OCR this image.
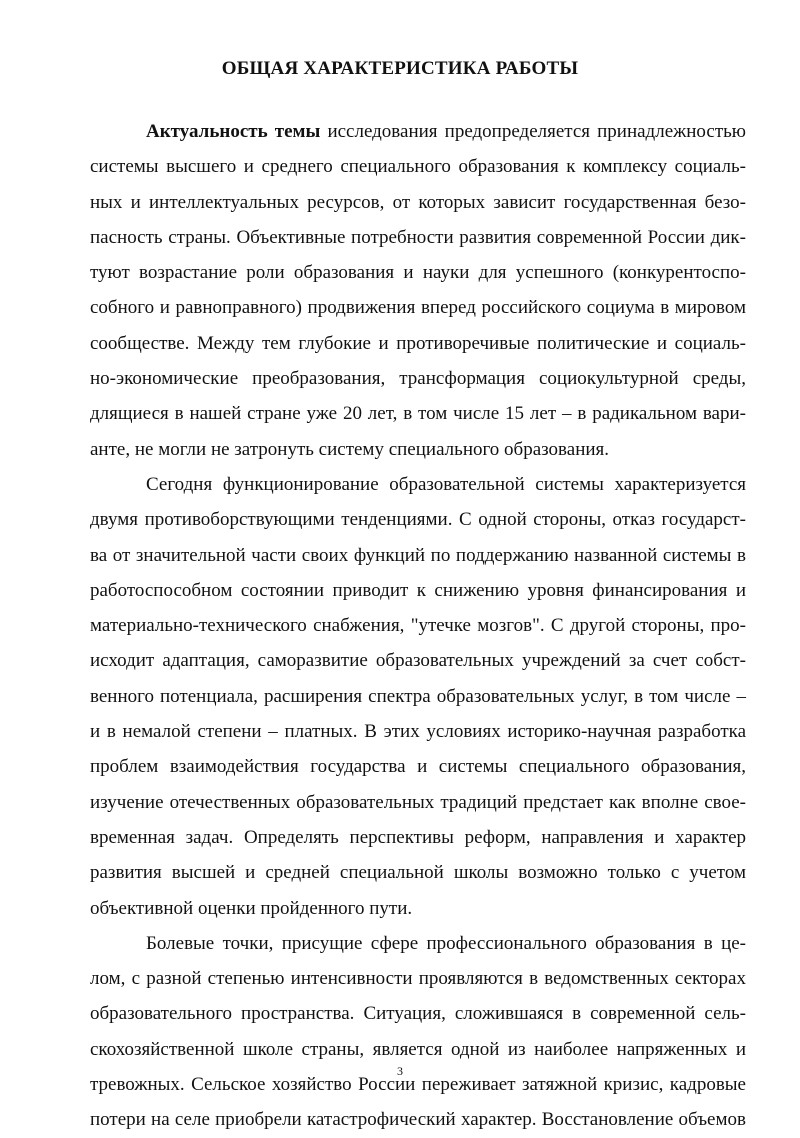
ОБЩАЯ ХАРАКТЕРИСТИКА РАБОТЫ
Актуальность темы исследования предопределяется принадлежностью
системы высшего и среднего специального образования к комплексу социаль-
ных и интеллектуальных ресурсов, от которых зависит государственная безо-
пасность страны. Объективные потребности развития современной России дик-
туют возрастание роли образования и науки для успешного (конкурентоспо-
собного и равноправного) продвижения вперед российского социума в мировом
сообществе. Между тем глубокие и противоречивые политические и социаль-
но-экономические преобразования, трансформация социокультурной среды,
длящиеся в нашей стране уже 20 лет, в том числе 15 лет – в радикальном вари-
анте, не могли не затронуть систему специального образования.
Сегодня функционирование образовательной системы характеризуется
двумя противоборствующими тенденциями. С одной стороны, отказ государст-
ва от значительной части своих функций по поддержанию названной системы в
работоспособном состоянии приводит к снижению уровня финансирования и
материально-технического снабжения, "утечке мозгов". С другой стороны, про-
исходит адаптация, саморазвитие образовательных учреждений за счет собст-
венного потенциала, расширения спектра образовательных услуг, в том числе –
и в немалой степени – платных. В этих условиях историко-научная разработка
проблем взаимодействия государства и системы специального образования,
изучение отечественных образовательных традиций предстает как вполне свое-
временная задач. Определять перспективы реформ, направления и характер
развития высшей и средней специальной школы возможно только с учетом
объективной оценки пройденного пути.
Болевые точки, присущие сфере профессионального образования в це-
лом, с разной степенью интенсивности проявляются в ведомственных секторах
образовательного пространства. Ситуация, сложившаяся в современной сель-
скохозяйственной школе страны, является одной из наиболее напряженных и
тревожных. Сельское хозяйство России переживает затяжной кризис, кадровые
потери на селе приобрели катастрофический характер. Восстановление объемов
3
